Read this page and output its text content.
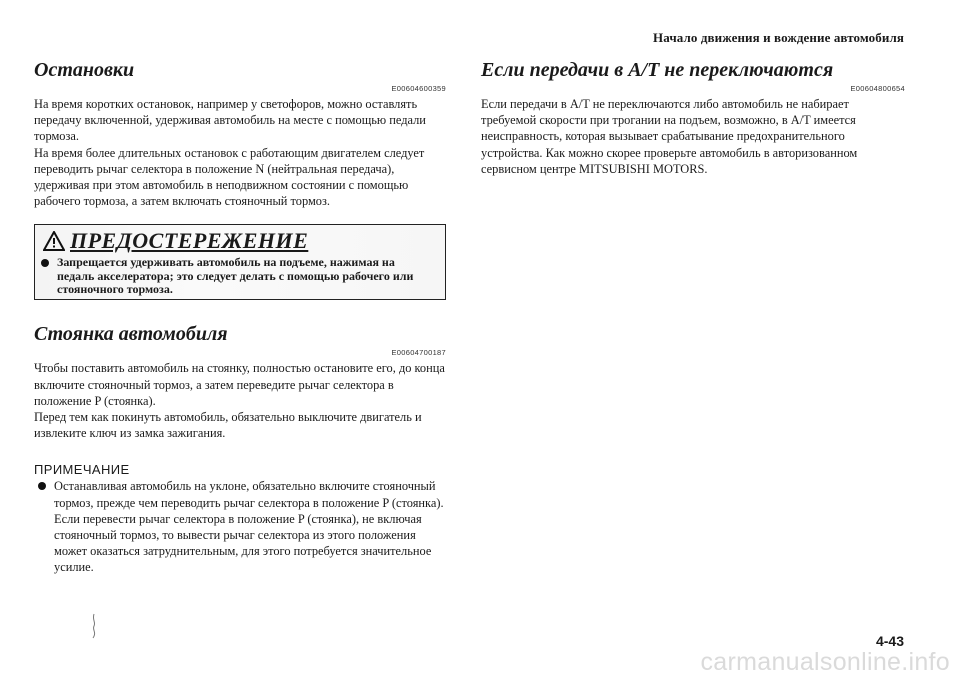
Начало движения и вождение автомобиля
Остановки
E00604600359

На время коротких остановок, например у светофоров, можно оставлять передачу включенной, удерживая автомобиль на месте с помощью педали тормоза.
На время более длительных остановок с работающим двигателем следует переводить рычаг селектора в положение N (нейтральная передача), удерживая при этом автомобиль в неподвижном состоянии с помощью рабочего тормоза, а затем включать стояночный тормоз.

ПРЕДОСТЕРЕЖЕНИЕ
Запрещается удерживать автомобиль на подъеме, нажимая на педаль акселератора; это следует делать с помощью рабочего или стояночного тормоза.
Стоянка автомобиля
E00604700187

Чтобы поставить автомобиль на стоянку, полностью остановите его, до конца включите стояночный тормоз, а затем переведите рычаг селектора в положение P (стоянка).
Перед тем как покинуть автомобиль, обязательно выключите двигатель и извлеките ключ из замка зажигания.

ПРИМЕЧАНИЕ
Останавливая автомобиль на уклоне, обязательно включите стояночный тормоз, прежде чем переводить рычаг селектора в положение P (стоянка). Если перевести рычаг селектора в положение P (стоянка), не включая стояночный тормоз, то вывести рычаг селектора из этого положения может оказаться затруднительным, для этого потребуется значительное усилие.
Если передачи в A/T не переключаются
E00604800654

Если передачи в A/T не переключаются либо автомобиль не набирает требуемой скорости при трогании на подъем, возможно, в A/T имеется неисправность, которая вызывает срабатывание предохранительного устройства. Как можно скорее проверьте автомобиль в авторизованном сервисном центре MITSUBISHI MOTORS.

4-43
carmanualsonline.info
